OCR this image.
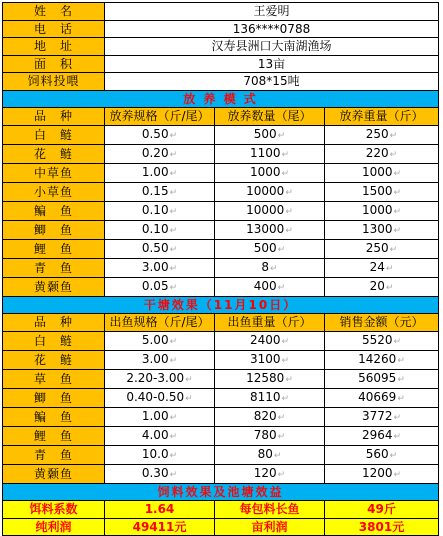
姓　名	王爱明		
电　话	136****0788		
地　址	汉寿县洲口大南湖渔场		
面　积	13亩		
饲料投喂	708*15吨		
放 养 模 式			
品　种	放养规格（斤/尾）	放养数量（尾）	放养重量（斤）
白　鲢	0.50↵	500↵	250↵
花　鲢	0.20↵	1100↵	220↵
中草鱼	1.00↵	1000↵	1000↵
小草鱼	0.15↵	10000↵	1500↵
鳊　鱼	0.10↵	10000↵	1000↵
鲫　鱼	0.10↵	13000↵	1300↵
鲤　鱼	0.50↵	500↵	250↵
青　鱼	3.00↵	8↵	24↵
黄颡鱼	0.05↵	400↵	20↵
干塘效果（11月10日）			
品　种	出鱼规格（斤/尾）	出鱼重量（斤）	销售金额（元）
白　鲢	5.00↵	2400↵	5520↵
花　鲢	3.00↵	3100↵	14260↵
草　鱼	2.20-3.00↵	12580↵	56095↵
鲫　鱼	0.40-0.50↵	8110↵	40669↵
鳊　鱼	1.00↵	820↵	3772↵
鲤　鱼	4.00↵	780↵	2964↵
青　鱼	10.0↵	80↵	560↵
黄颡鱼	0.30↵	120↵	1200↵
饲料效果及池塘效益			
饵料系数	1.64	每包料长鱼	49斤
纯利润	49411元	亩利润	3801元
